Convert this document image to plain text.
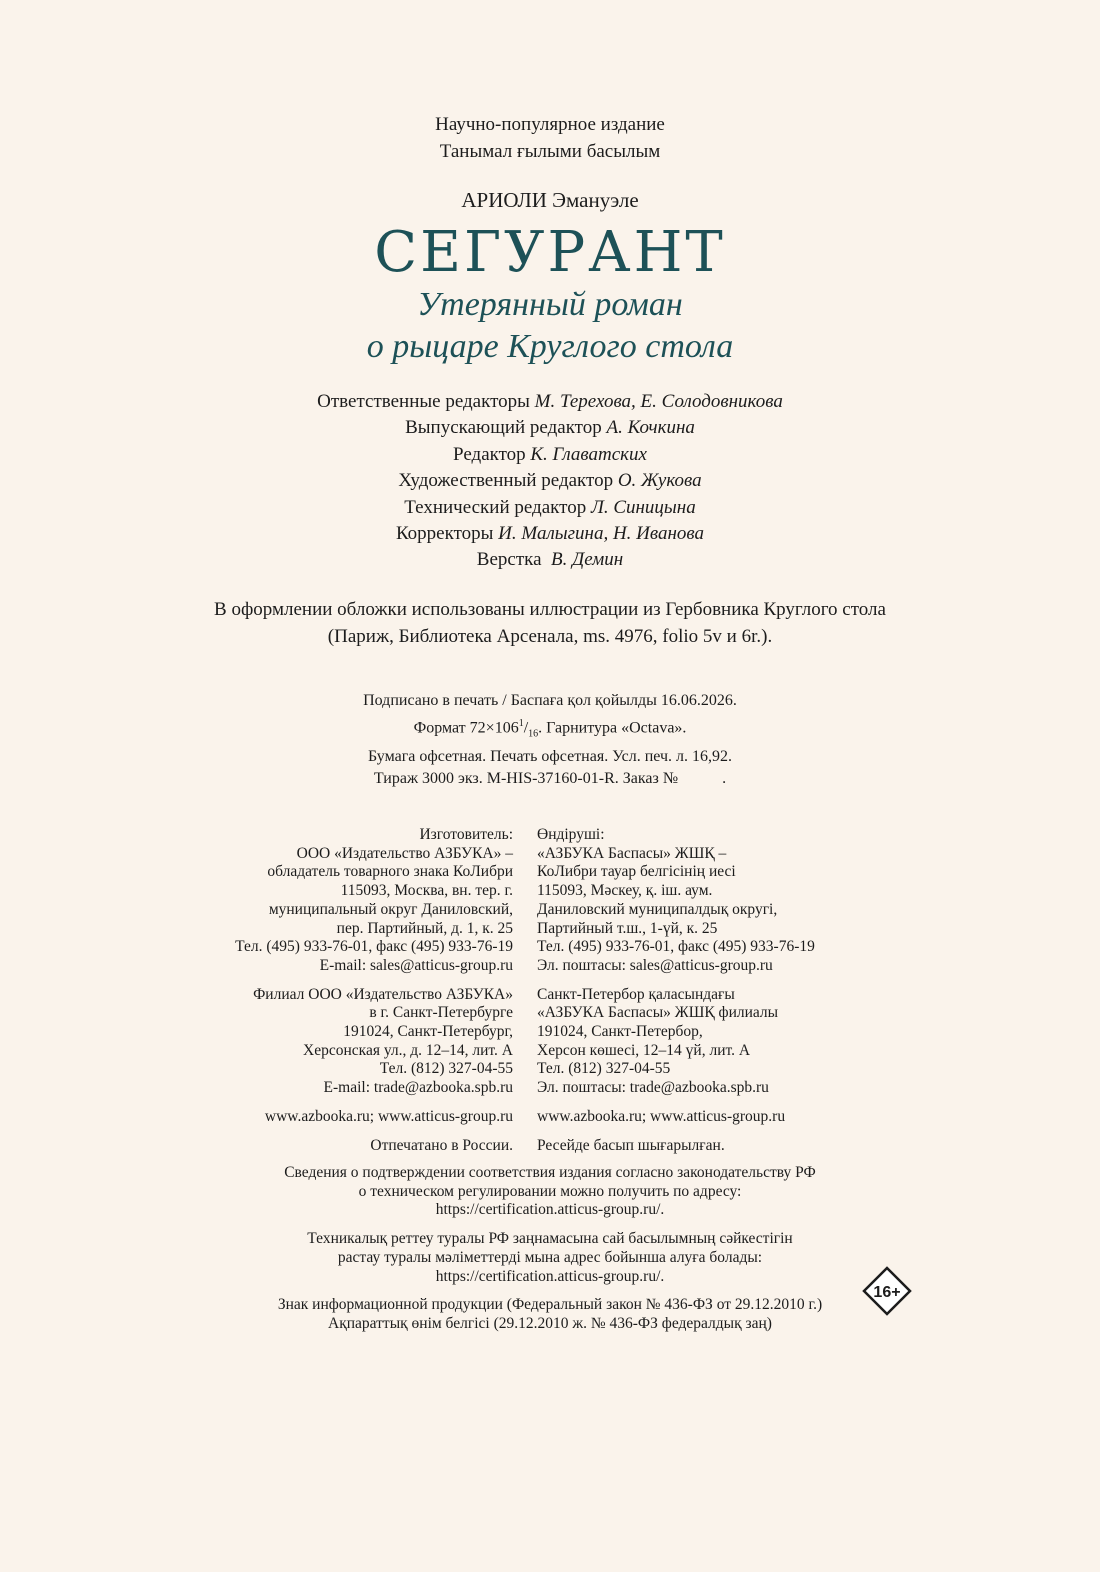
Научно-популярное издание
Танымал ғылыми басылым
АРИОЛИ Эмануэле
СЕГУРАНТ
Утерянный роман
о рыцаре Круглого стола
Ответственные редакторы М. Терехова, Е. Солодовникова
Выпускающий редактор А. Кочкина
Редактор К. Главатских
Художественный редактор О. Жукова
Технический редактор Л. Синицына
Корректоры И. Малыгина, Н. Иванова
Верстка  В. Демин
В оформлении обложки использованы иллюстрации из Гербовника Круглого стола
(Париж, Библиотека Арсенала, ms. 4976, folio 5v и 6r.).
Подписано в печать / Баспаға қол қойылды 16.06.2026.
Формат $72\times 106^1/_{16}$. Гарнитура «Octava».
Бумага офсетная. Печать офсетная. Усл. печ. л. 16,92.
Тираж 3000 экз. M-HIS-37160-01-R. Заказ №           .
Изготовитель:
ООО «Издательство АЗБУКА» –
обладатель товарного знака КоЛибри
115093, Москва, вн. тер. г.
муниципальный округ Даниловский,
пер. Партийный, д. 1, к. 25
Тел. (495) 933-76-01, факс (495) 933-76-19
E-mail: sales@atticus-group.ru
Филиал ООО «Издательство АЗБУКА»
в г. Санкт-Петербурге
191024, Санкт-Петербург,
Херсонская ул., д. 12–14, лит. А
Тел. (812) 327-04-55
E-mail: trade@azbooka.spb.ru
www.azbooka.ru; www.atticus-group.ru
Отпечатано в России.
Өндіруші:
«АЗБУКА Баспасы» ЖШҚ –
КоЛибри тауар белгісінің иесі
115093, Мәскеу, қ. іш. аум.
Даниловский муниципалдық округі,
Партийный т.ш., 1-үй, к. 25
Тел. (495) 933-76-01, факс (495) 933-76-19
Эл. поштасы: sales@atticus-group.ru
Санкт-Петербор қаласындағы
«АЗБУКА Баспасы» ЖШҚ филиалы
191024, Санкт-Петербор,
Херсон көшесі, 12–14 үй, лит. А
Тел. (812) 327-04-55
Эл. поштасы: trade@azbooka.spb.ru
www.azbooka.ru; www.atticus-group.ru
Ресейде басып шығарылған.
Сведения о подтверждении соответствия издания согласно законодательству РФ
о техническом регулировании можно получить по адресу:
https://certification.atticus-group.ru/.
Техникалық реттеу туралы РФ заңнамасына сай басылымның сәйкестігін
растау туралы мәліметтерді мына адрес бойынша алуға болады:
https://certification.atticus-group.ru/.
Знак информационной продукции (Федеральный закон № 436-ФЗ от 29.12.2010 г.)
Ақпараттық өнім белгісі (29.12.2010 ж. № 436-ФЗ федералдық заң)
16+
